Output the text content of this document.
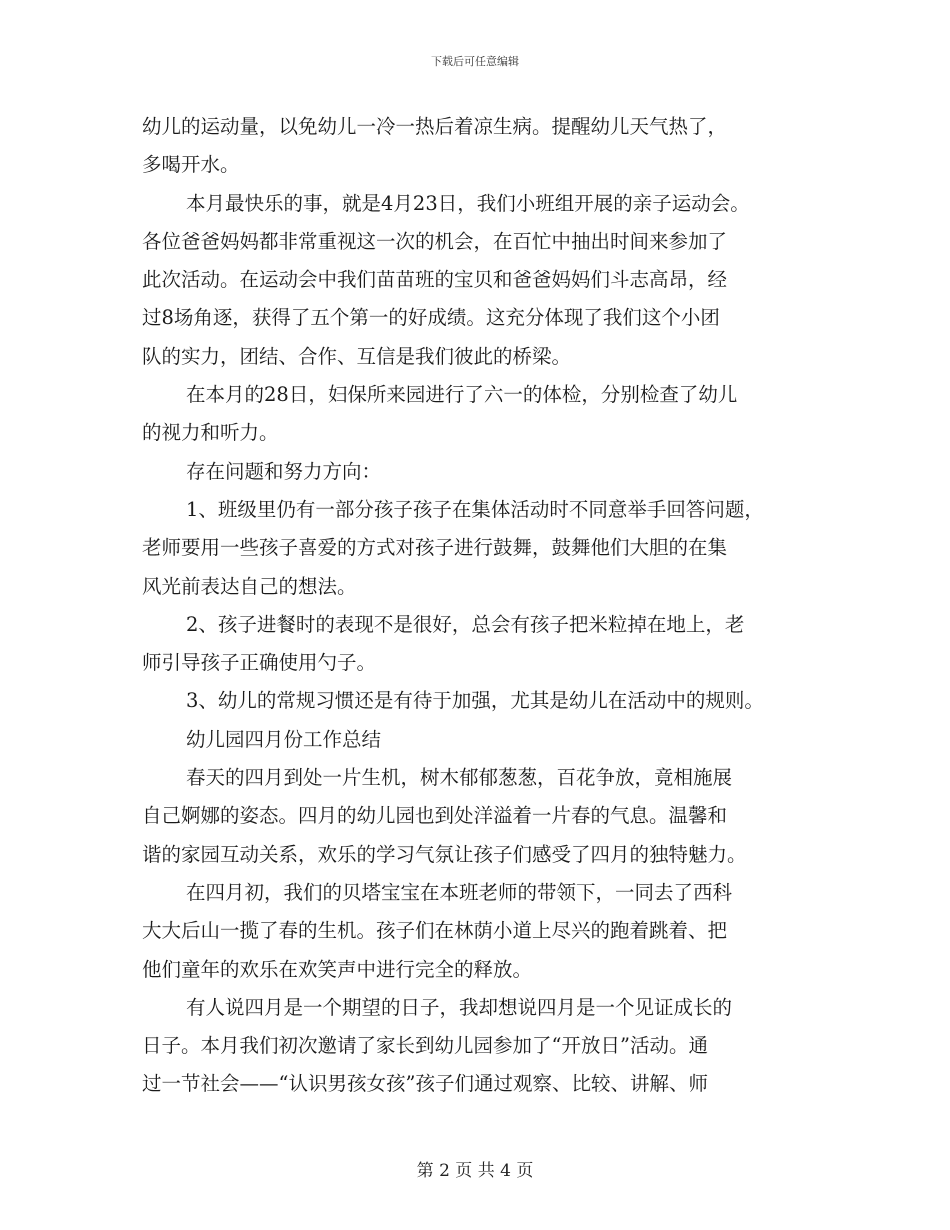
下载后可任意编辑
幼儿的运动量，以免幼儿一冷一热后着凉生病。提醒幼儿天气热了，
多喝开水。
本月最快乐的事，就是4月23日，我们小班组开展的亲子运动会。
各位爸爸妈妈都非常重视这一次的机会，在百忙中抽出时间来参加了
此次活动。在运动会中我们苗苗班的宝贝和爸爸妈妈们斗志高昂，经
过8场角逐，获得了五个第一的好成绩。这充分体现了我们这个小团
队的实力，团结、合作、互信是我们彼此的桥梁。
在本月的28日，妇保所来园进行了六一的体检，分别检查了幼儿
的视力和听力。
存在问题和努力方向：
1、班级里仍有一部分孩子孩子在集体活动时不同意举手回答问题，
老师要用一些孩子喜爱的方式对孩子进行鼓舞，鼓舞他们大胆的在集
风光前表达自己的想法。
2、孩子进餐时的表现不是很好，总会有孩子把米粒掉在地上，老
师引导孩子正确使用勺子。
3、幼儿的常规习惯还是有待于加强，尤其是幼儿在活动中的规则。
幼儿园四月份工作总结
春天的四月到处一片生机，树木郁郁葱葱，百花争放，竟相施展
自己婀娜的姿态。四月的幼儿园也到处洋溢着一片春的气息。温馨和
谐的家园互动关系，欢乐的学习气氛让孩子们感受了四月的独特魅力。
在四月初，我们的贝塔宝宝在本班老师的带领下，一同去了西科
大大后山一揽了春的生机。孩子们在林荫小道上尽兴的跑着跳着、把
他们童年的欢乐在欢笑声中进行完全的释放。
有人说四月是一个期望的日子，我却想说四月是一个见证成长的
日子。本月我们初次邀请了家长到幼儿园参加了“开放日”活动。通
过一节社会——“认识男孩女孩”孩子们通过观察、比较、讲解、师
第 2 页 共 4 页
